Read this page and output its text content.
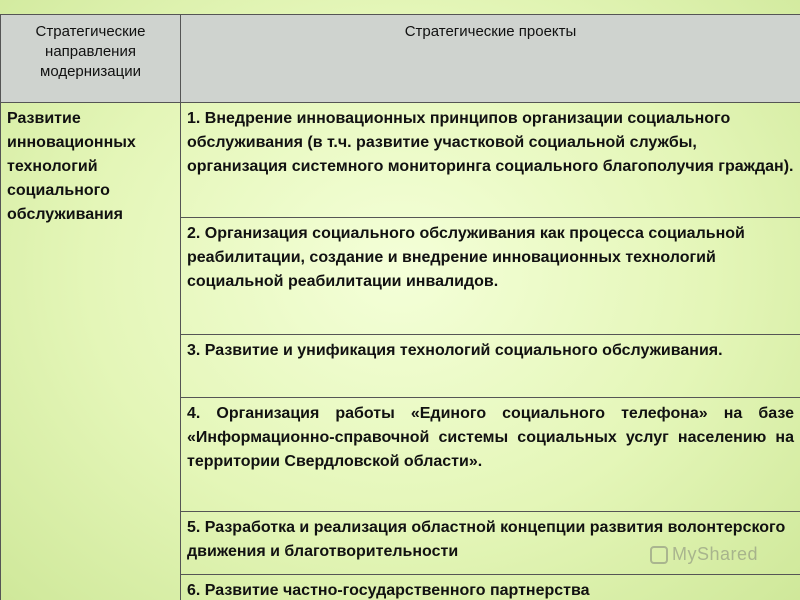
Стратегические направления модернизации	Стратегические проекты
Развитие инновационных технологий социального обслуживания	1. Внедрение инновационных принципов организации социального обслуживания (в т.ч. развитие участковой социальной службы, организация системного мониторинга социального благополучия граждан).
	2. Организация социального обслуживания как процесса социальной реабилитации, создание и внедрение инновационных технологий социальной реабилитации инвалидов.
	3. Развитие и унификация технологий социального обслуживания.
	4. Организация работы «Единого социального телефона» на базе «Информационно-справочной системы социальных услуг населению на территории Свердловской области».
	5. Разработка и реализация областной концепции развития волонтерского движения и благотворительности
	6. Развитие частно-государственного партнерства
MyShared
